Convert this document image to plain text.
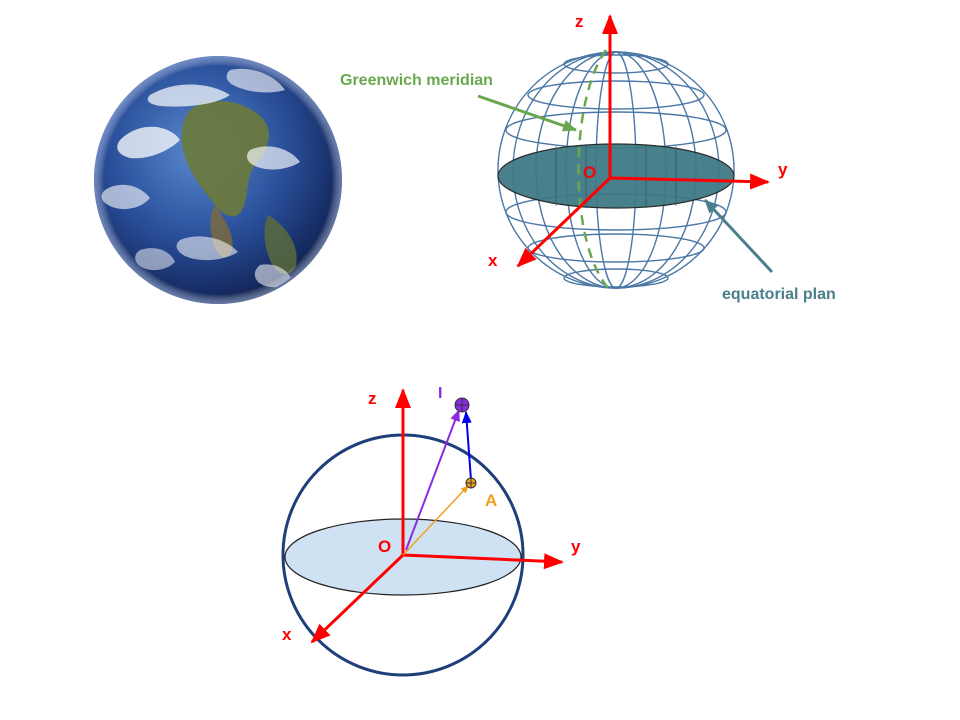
z
y
x
O
Greenwich meridian
equatorial plan
z
y
x
O
A
I
